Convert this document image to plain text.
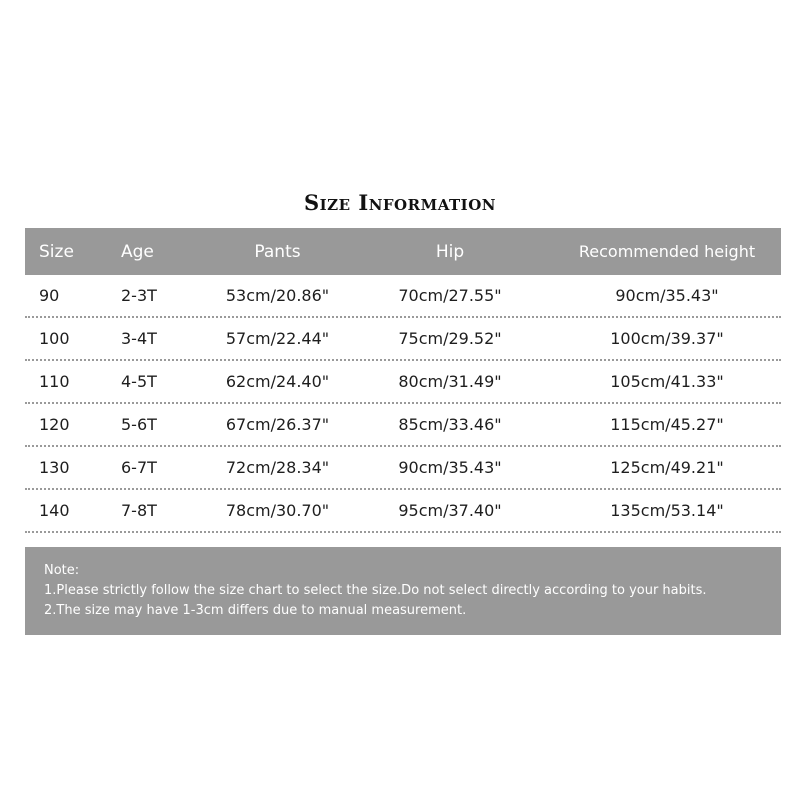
Size Information
Size	Age	Pants	Hip	Recommended height
90	2-3T	53cm/20.86"	70cm/27.55"	90cm/35.43"
100	3-4T	57cm/22.44"	75cm/29.52"	100cm/39.37"
110	4-5T	62cm/24.40"	80cm/31.49"	105cm/41.33"
120	5-6T	67cm/26.37"	85cm/33.46"	115cm/45.27"
130	6-7T	72cm/28.34"	90cm/35.43"	125cm/49.21"
140	7-8T	78cm/30.70"	95cm/37.40"	135cm/53.14"
Note:
1.Please strictly follow the size chart to select the size.Do not select directly according to your habits.
2.The size may have 1-3cm differs due to manual measurement.
